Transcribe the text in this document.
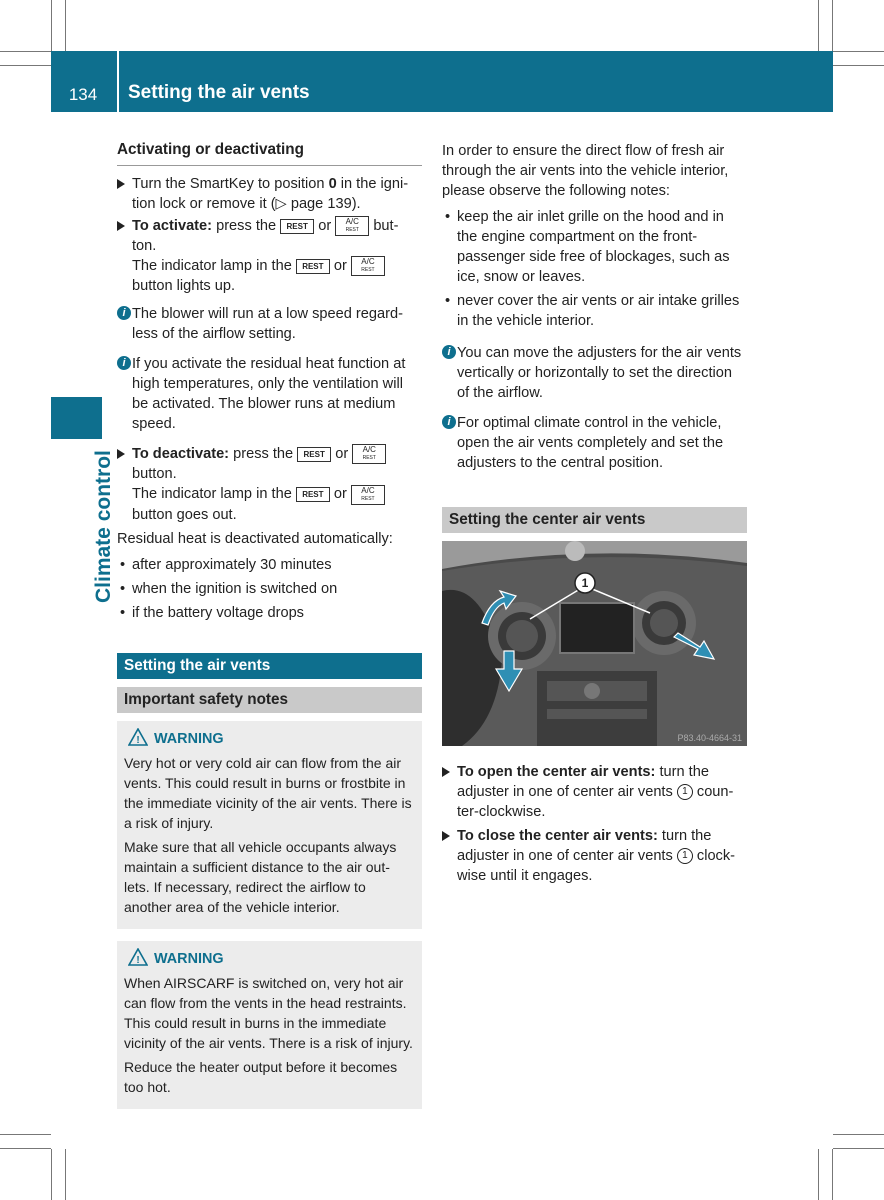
134	Setting the air vents
Climate control
Activating or deactivating
Turn the SmartKey to position 0 in the igni-tion lock or remove it (▷ page 139).
To activate: press the REST or A/C
REST but-ton.
The indicator lamp in the REST or A/C
REST
button lights up.
i The blower will run at a low speed regard-less of the airflow setting.
i If you activate the residual heat function at high temperatures, only the ventilation will be activated. The blower runs at medium speed.
To deactivate: press the REST or A/C
REST
button.
The indicator lamp in the REST or A/C
REST
button goes out.

Residual heat is deactivated automatically:

• after approximately 30 minutes
• when the ignition is switched on
• if the battery voltage drops
Setting the air vents
Important safety notes
! WARNING

Very hot or very cold air can flow from the air vents. This could result in burns or frostbite in the immediate vicinity of the air vents. There is a risk of injury.

Make sure that all vehicle occupants always maintain a sufficient distance to the air out-lets. If necessary, redirect the airflow to another area of the vehicle interior.

! WARNING

When AIRSCARF is switched on, very hot air can flow from the vents in the head restraints. This could result in burns in the immediate vicinity of the air vents. There is a risk of injury.

Reduce the heater output before it becomes too hot.

In order to ensure the direct flow of fresh air through the air vents into the vehicle interior, please observe the following notes:

• keep the air inlet grille on the hood and in the engine compartment on the front-passenger side free of blockages, such as ice, snow or leaves.
• never cover the air vents or air intake grilles in the vehicle interior.
i You can move the adjusters for the air vents vertically or horizontally to set the direction of the airflow.
i For optimal climate control in the vehicle, open the air vents completely and set the adjusters to the central position.
Setting the center air vents
1
P83.40-4664-31
To open the center air vents: turn the adjuster in one of center air vents 1 coun-ter-clockwise.
To close the center air vents: turn the adjuster in one of center air vents 1 clock-wise until it engages.
